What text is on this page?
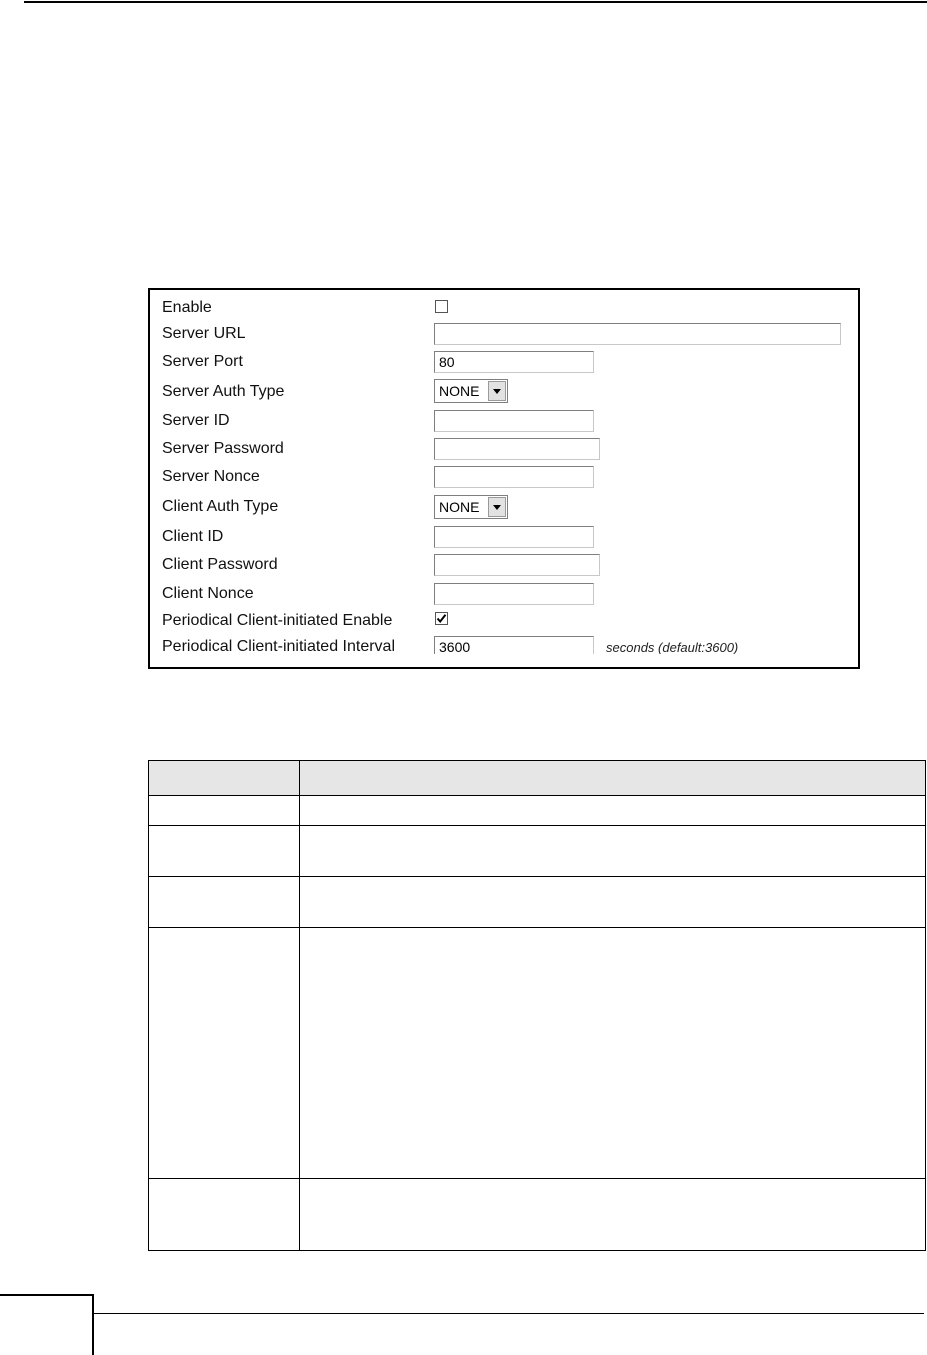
Enable
Server URL
Server Port	80
Server Auth Type	NONE
Server ID
Server Password
Server Nonce
Client Auth Type	NONE
Client ID
Client Password
Client Nonce
Periodical Client-initiated Enable
Periodical Client-initiated Interval	3600	seconds (default:3600)
